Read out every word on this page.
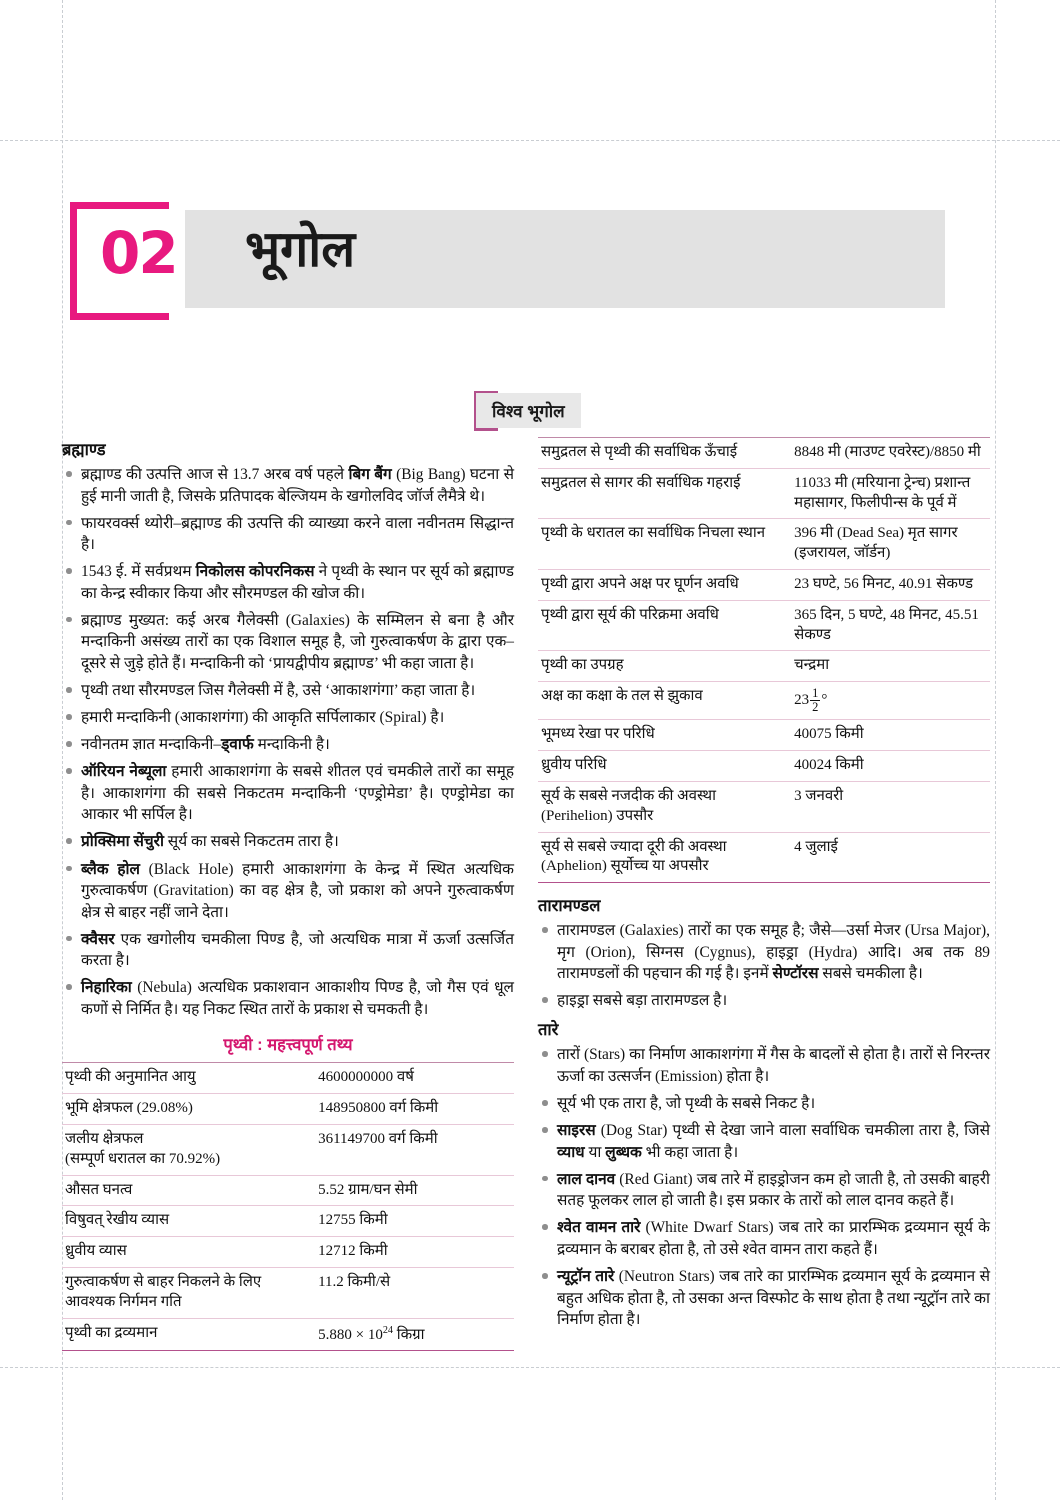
02 भूगोल
विश्व भूगोल
ब्रह्माण्ड
ब्रह्माण्ड की उत्पत्ति आज से 13.7 अरब वर्ष पहले बिग बैंग (Big Bang) घटना से हुई मानी जाती है, जिसके प्रतिपादक बेल्जियम के खगोलविद जॉर्ज लैमैत्रे थे।
फायरवर्क्स थ्योरी–ब्रह्माण्ड की उत्पत्ति की व्याख्या करने वाला नवीनतम सिद्धान्त है।
1543 ई. में सर्वप्रथम निकोलस कोपरनिकस ने पृथ्वी के स्थान पर सूर्य को ब्रह्माण्ड का केन्द्र स्वीकार किया और सौरमण्डल की खोज की।
ब्रह्माण्ड मुख्यत: कई अरब गैलेक्सी (Galaxies) के सम्मिलन से बना है और मन्दाकिनी असंख्य तारों का एक विशाल समूह है, जो गुरुत्वाकर्षण के द्वारा एक–दूसरे से जुड़े होते हैं। मन्दाकिनी को ‘प्रायद्वीपीय ब्रह्माण्ड’ भी कहा जाता है।
पृथ्वी तथा सौरमण्डल जिस गैलेक्सी में है, उसे ‘आकाशगंगा’ कहा जाता है।
हमारी मन्दाकिनी (आकाशगंगा) की आकृति सर्पिलाकार (Spiral) है।
नवीनतम ज्ञात मन्दाकिनी–ड्वार्फ मन्दाकिनी है।
ऑरियन नेब्यूला हमारी आकाशगंगा के सबसे शीतल एवं चमकीले तारों का समूह है। आकाशगंगा की सबसे निकटतम मन्दाकिनी ‘एण्ड्रोमेडा’ है। एण्ड्रोमेडा का आकार भी सर्पिल है।
प्रोक्सिमा सेंचुरी सूर्य का सबसे निकटतम तारा है।
ब्लैक होल (Black Hole) हमारी आकाशगंगा के केन्द्र में स्थित अत्यधिक गुरुत्वाकर्षण (Gravitation) का वह क्षेत्र है, जो प्रकाश को अपने गुरुत्वाकर्षण क्षेत्र से बाहर नहीं जाने देता।
क्वैसर एक खगोलीय चमकीला पिण्ड है, जो अत्यधिक मात्रा में ऊर्जा उत्सर्जित करता है।
निहारिका (Nebula) अत्यधिक प्रकाशवान आकाशीय पिण्ड है, जो गैस एवं धूल कणों से निर्मित है। यह निकट स्थित तारों के प्रकाश से चमकती है।
पृथ्वी : महत्त्वपूर्ण तथ्य
पृथ्वी की अनुमानित आयु	4600000000 वर्ष
भूमि क्षेत्रफल (29.08%)	148950800 वर्ग किमी
जलीय क्षेत्रफल
(सम्पूर्ण धरातल का 70.92%)	361149700 वर्ग किमी
औसत घनत्व	5.52 ग्राम/घन सेमी
विषुवत् रेखीय व्यास	12755 किमी
ध्रुवीय व्यास	12712 किमी
गुरुत्वाकर्षण से बाहर निकलने के लिए
आवश्यक निर्गमन गति	11.2 किमी/से
पृथ्वी का द्रव्यमान	$5.880 \times 10^{24}$ किग्रा
समुद्रतल से पृथ्वी की सर्वाधिक ऊँचाई	8848 मी (माउण्ट एवरेस्ट)/8850 मी
समुद्रतल से सागर की सर्वाधिक गहराई	11033 मी (मरियाना ट्रेन्च) प्रशान्त महासागर, फिलीपीन्स के पूर्व में
पृथ्वी के धरातल का सर्वाधिक निचला स्थान	396 मी (Dead Sea) मृत सागर (इजरायल, जॉर्डन)
पृथ्वी द्वारा अपने अक्ष पर घूर्णन अवधि	23 घण्टे, 56 मिनट, 40.91 सेकण्ड
पृथ्वी द्वारा सूर्य की परिक्रमा अवधि	365 दिन, 5 घण्टे, 48 मिनट, 45.51 सेकण्ड
पृथ्वी का उपग्रह	चन्द्रमा
अक्ष का कक्षा के तल से झुकाव	$23 \frac{1}{2}$ °
भूमध्य रेखा पर परिधि	40075 किमी
ध्रुवीय परिधि	40024 किमी
सूर्य के सबसे नजदीक की अवस्था (Perihelion) उपसौर	3 जनवरी
सूर्य से सबसे ज्यादा दूरी की अवस्था (Aphelion) सूर्योच्च या अपसौर	4 जुलाई
तारामण्डल
तारामण्डल (Galaxies) तारों का एक समूह है; जैसे—उर्सा मेजर (Ursa Major), मृग (Orion), सिग्नस (Cygnus), हाइड्रा (Hydra) आदि। अब तक 89 तारामण्डलों की पहचान की गई है। इनमें सेण्टॉरस सबसे चमकीला है।
हाइड्रा सबसे बड़ा तारामण्डल है।
तारे
तारों (Stars) का निर्माण आकाशगंगा में गैस के बादलों से होता है। तारों से निरन्तर ऊर्जा का उत्सर्जन (Emission) होता है।
सूर्य भी एक तारा है, जो पृथ्वी के सबसे निकट है।
साइरस (Dog Star) पृथ्वी से देखा जाने वाला सर्वाधिक चमकीला तारा है, जिसे व्याध या लुब्धक भी कहा जाता है।
लाल दानव (Red Giant) जब तारे में हाइड्रोजन कम हो जाती है, तो उसकी बाहरी सतह फूलकर लाल हो जाती है। इस प्रकार के तारों को लाल दानव कहते हैं।
श्वेत वामन तारे (White Dwarf Stars) जब तारे का प्रारम्भिक द्रव्यमान सूर्य के द्रव्यमान के बराबर होता है, तो उसे श्वेत वामन तारा कहते हैं।
न्यूट्रॉन तारे (Neutron Stars) जब तारे का प्रारम्भिक द्रव्यमान सूर्य के द्रव्यमान से बहुत अधिक होता है, तो उसका अन्त विस्फोट के साथ होता है तथा न्यूट्रॉन तारे का निर्माण होता है।
